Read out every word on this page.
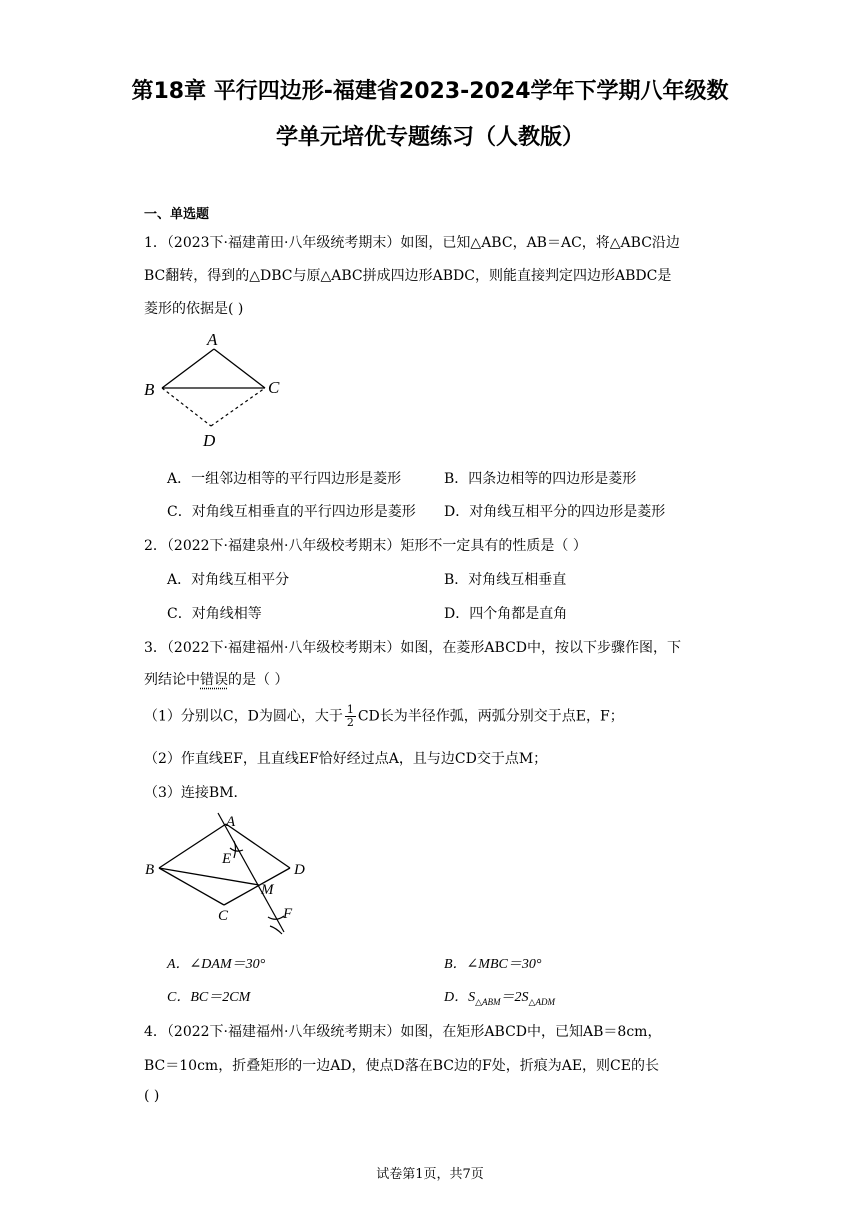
第18章 平行四边形-福建省2023-2024学年下学期八年级数
学单元培优专题练习（人教版）
一、单选题
1．（2023下·福建莆田·八年级统考期末）如图，已知△ABC，AB＝AC，将△ABC沿边
BC翻转，得到的△DBC与原△ABC拼成四边形ABDC，则能直接判定四边形ABDC是
菱形的依据是( )
A
B	C
D
A．一组邻边相等的平行四边形是菱形	B．四条边相等的四边形是菱形
C．对角线互相垂直的平行四边形是菱形 D．对角线互相平分的四边形是菱形
2．（2022下·福建泉州·八年级校考期末）矩形不一定具有的性质是（ ）
A．对角线互相平分	B．对角线互相垂直
C．对角线相等	D．四个角都是直角
3．（2022下·福建福州·八年级校考期末）如图，在菱形ABCD中，按以下步骤作图，下
列结论中错误的是（ ）
（1）分别以C，D为圆心，大于 $\frac{1}{2}$ CD长为半径作弧，两弧分别交于点E，F；
（2）作直线EF，且直线EF恰好经过点A，且与边CD交于点M；
（3）连接BM．
A
B
C
D
E
M
F
A．∠DAM＝30°	B．∠MBC＝30°
C．BC＝2CM	D．$S_{\triangle ABM}=2S_{\triangle ADM}$
4．（2022下·福建福州·八年级统考期末）如图，在矩形ABCD中，已知AB＝8cm，
BC＝10cm，折叠矩形的一边AD，使点D落在BC边的F处，折痕为AE，则CE的长
( )
试卷第1页，共7页
